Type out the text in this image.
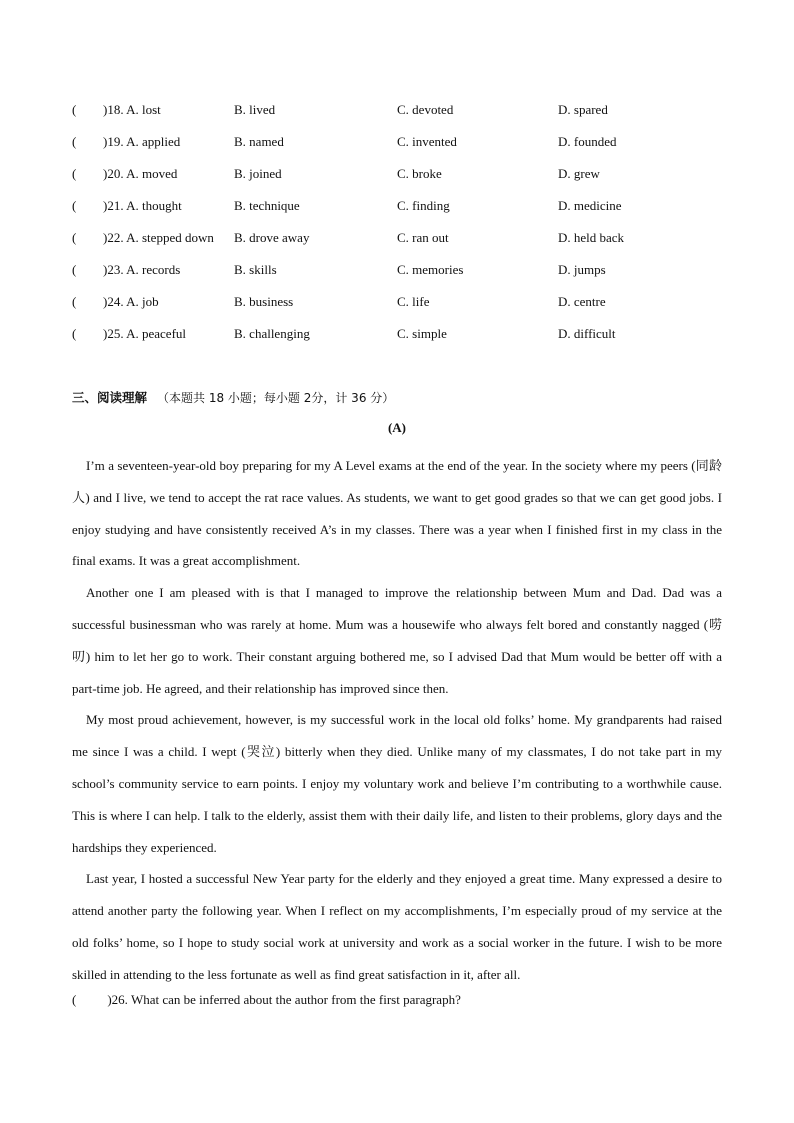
( )18. A. lost	B. lived	C. devoted	D. spared
( )19. A. applied	B. named	C. invented	D. founded
( )20. A. moved	B. joined	C. broke	D. grew
( )21. A. thought	B. technique	C. finding	D. medicine
( )22. A. stepped down B. drove away	C. ran out	D. held back
( )23. A. records	B. skills	C. memories	D. jumps
( )24. A. job	B. business	C. life	D. centre
( )25. A. peaceful	B. challenging	C. simple	D. difficult
三、阅读理解 （本题共 18 小题；每小题 2分，计 36 分）
(A)

I’m a seventeen-year-old boy preparing for my A Level exams at the end of the year. In the society where my peers (同龄人) and I live, we tend to accept the rat race values. As students, we want to get good grades so that we can get good jobs. I enjoy studying and have consistently received A’s in my classes. There was a year when I finished first in my class in the final exams. It was a great accomplishment.

Another one I am pleased with is that I managed to improve the relationship between Mum and Dad. Dad was a successful businessman who was rarely at home. Mum was a housewife who always felt bored and constantly nagged (唠叨) him to let her go to work. Their constant arguing bothered me, so I advised Dad that Mum would be better off with a part-time job. He agreed, and their relationship has improved since then.

My most proud achievement, however, is my successful work in the local old folks’ home. My grandparents had raised me since I was a child. I wept (哭泣) bitterly when they died. Unlike many of my classmates, I do not take part in my school’s community service to earn points. I enjoy my voluntary work and believe I’m contributing to a worthwhile cause. This is where I can help. I talk to the elderly, assist them with their daily life, and listen to their problems, glory days and the hardships they experienced.

Last year, I hosted a successful New Year party for the elderly and they enjoyed a great time. Many expressed a desire to attend another party the following year. When I reflect on my accomplishments, I’m especially proud of my service at the old folks’ home, so I hope to study social work at university and work as a social worker in the future. I wish to be more skilled in attending to the less fortunate as well as find great satisfaction in it, after all.

( )26. What can be inferred about the author from the first paragraph?
